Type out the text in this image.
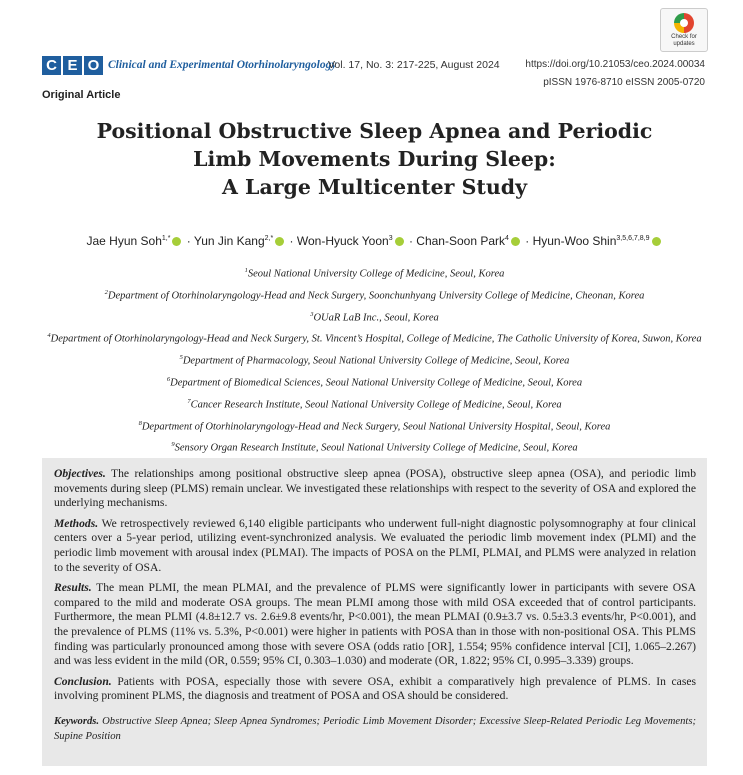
C E O Clinical and Experimental Otorhinolaryngology
Vol. 17, No. 3: 217-225, August 2024	https://doi.org/10.21053/ceo.2024.00034
pISSN 1976-8710 eISSN 2005-0720
Check for
updates
Original Article
Positional Obstructive Sleep Apnea and Periodic
Limb Movements During Sleep:
A Large Multicenter Study
Jae Hyun Soh$^{1,*}$ · Yun Jin Kang$^{2,*}$ · Won-Hyuck Yoon$^3$ · Chan-Soon Park$^4$ · Hyun-Woo Shin$^{3,5,6,7,8,9}$
$^1$Seoul National University College of Medicine, Seoul, Korea
$^2$Department of Otorhinolaryngology-Head and Neck Surgery, Soonchunhyang University College of Medicine, Cheonan, Korea
$^3$OUaR LaB Inc., Seoul, Korea
$^4$Department of Otorhinolaryngology-Head and Neck Surgery, St. Vincent’s Hospital, College of Medicine, The Catholic University of Korea, Suwon, Korea
$^5$Department of Pharmacology, Seoul National University College of Medicine, Seoul, Korea
$^6$Department of Biomedical Sciences, Seoul National University College of Medicine, Seoul, Korea
$^7$Cancer Research Institute, Seoul National University College of Medicine, Seoul, Korea
$^8$Department of Otorhinolaryngology-Head and Neck Surgery, Seoul National University Hospital, Seoul, Korea
$^9$Sensory Organ Research Institute, Seoul National University College of Medicine, Seoul, Korea

Objectives. The relationships among positional obstructive sleep apnea (POSA), obstructive sleep apnea (OSA), and periodic limb movements during sleep (PLMS) remain unclear. We investigated these relationships with respect to the severity of OSA and explored the underlying mechanisms.

Methods. We retrospectively reviewed 6,140 eligible participants who underwent full-night diagnostic polysomnography at four clinical centers over a 5-year period, utilizing event-synchronized analysis. We evaluated the periodic limb movement index (PLMI) and the periodic limb movement with arousal index (PLMAI). The impacts of POSA on the PLMI, PLMAI, and PLMS were analyzed in relation to the severity of OSA.

Results. The mean PLMI, the mean PLMAI, and the prevalence of PLMS were significantly lower in participants with severe OSA compared to the mild and moderate OSA groups. The mean PLMI among those with mild OSA exceeded that of control participants. Furthermore, the mean PLMI (4.8±12.7 vs. 2.6±9.8 events/hr, P<0.001), the mean PLMAI (0.9±3.7 vs. 0.5±3.3 events/hr, P<0.001), and the prevalence of PLMS (11% vs. 5.3%, P<0.001) were higher in patients with POSA than in those with non-positional OSA. This PLMS finding was particularly pronounced among those with severe OSA (odds ratio [OR], 1.554; 95% confidence interval [CI], 1.065–2.267) and was less evident in the mild (OR, 0.559; 95% CI, 0.303–1.030) and moderate (OR, 1.822; 95% CI, 0.995–3.339) groups.

Conclusion. Patients with POSA, especially those with severe OSA, exhibit a comparatively high prevalence of PLMS. In cases involving prominent PLMS, the diagnosis and treatment of POSA and OSA should be considered.

Keywords. Obstructive Sleep Apnea; Sleep Apnea Syndromes; Periodic Limb Movement Disorder; Excessive Sleep-Related Periodic Leg Movements; Supine Position
